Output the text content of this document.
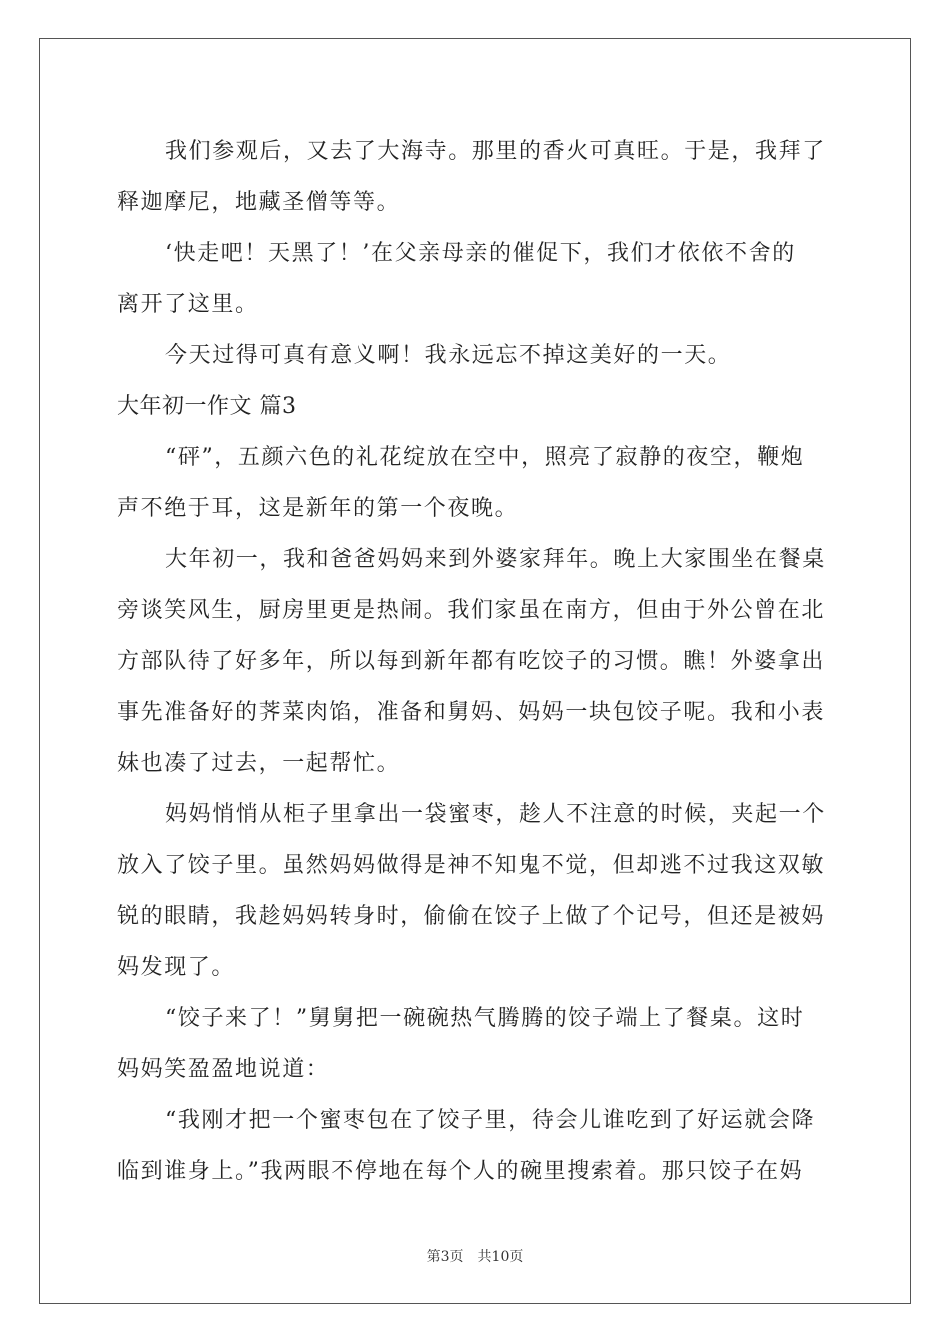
我们参观后，又去了大海寺。那里的香火可真旺。于是，我拜了
释迦摩尼，地藏圣僧等等。
‘快走吧！天黑了！’在父亲母亲的催促下，我们才依依不舍的
离开了这里。
今天过得可真有意义啊！我永远忘不掉这美好的一天。
大年初一作文 篇3
“砰”，五颜六色的礼花绽放在空中，照亮了寂静的夜空，鞭炮
声不绝于耳，这是新年的第一个夜晚。
大年初一，我和爸爸妈妈来到外婆家拜年。晚上大家围坐在餐桌
旁谈笑风生，厨房里更是热闹。我们家虽在南方，但由于外公曾在北
方部队待了好多年，所以每到新年都有吃饺子的习惯。瞧！外婆拿出
事先准备好的荠菜肉馅，准备和舅妈、妈妈一块包饺子呢。我和小表
妹也凑了过去，一起帮忙。
妈妈悄悄从柜子里拿出一袋蜜枣，趁人不注意的时候，夹起一个
放入了饺子里。虽然妈妈做得是神不知鬼不觉，但却逃不过我这双敏
锐的眼睛，我趁妈妈转身时，偷偷在饺子上做了个记号，但还是被妈
妈发现了。
“饺子来了！”舅舅把一碗碗热气腾腾的饺子端上了餐桌。这时
妈妈笑盈盈地说道：
“我刚才把一个蜜枣包在了饺子里，待会儿谁吃到了好运就会降
临到谁身上。”我两眼不停地在每个人的碗里搜索着。那只饺子在妈
第3页 共10页
